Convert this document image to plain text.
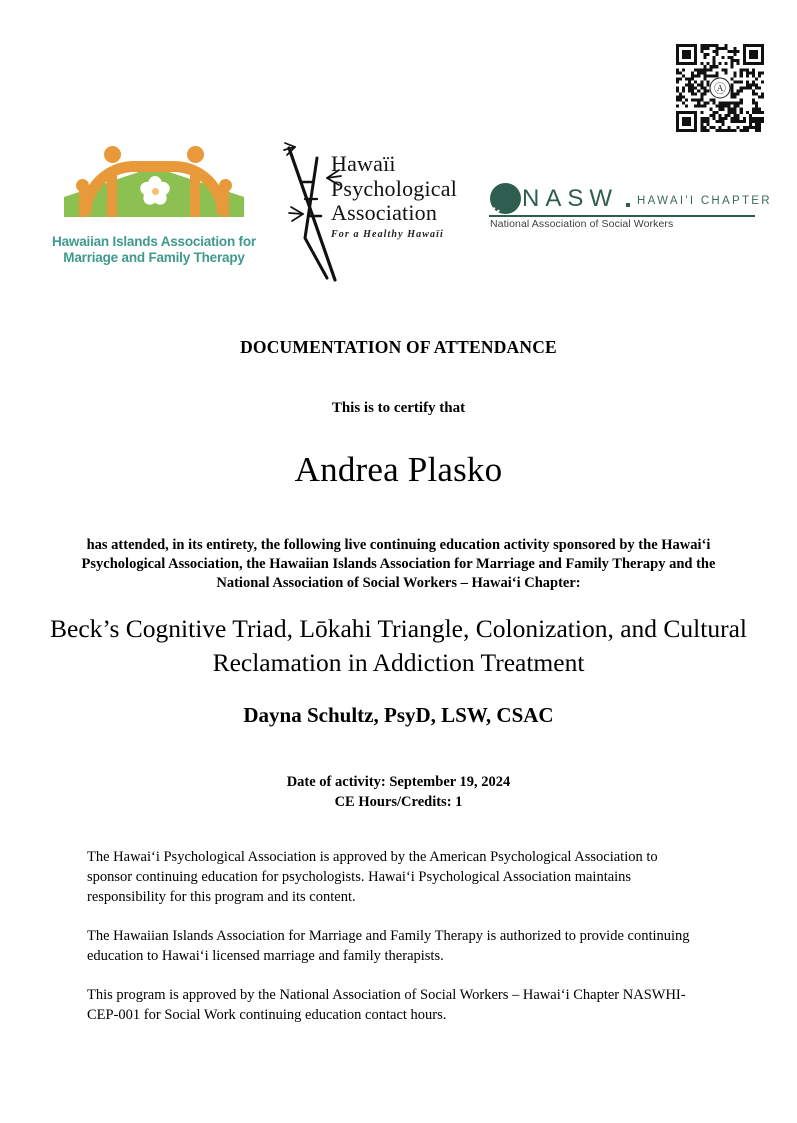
Ⓐ
Hawaiian Islands Association for
Marriage and Family Therapy
Hawaïi
Psychological
Association
For a Healthy Hawaïi
NASW HAWAI'I CHAPTER
National Association of Social Workers
DOCUMENTATION OF ATTENDANCE
This is to certify that
Andrea Plasko
has attended, in its entirety, the following live continuing education activity sponsored by the Hawaiʻi Psychological Association, the Hawaiian Islands Association for Marriage and Family Therapy and the National Association of Social Workers – Hawaiʻi Chapter:
Beck’s Cognitive Triad, Lōkahi Triangle, Colonization, and Cultural Reclamation in Addiction Treatment
Dayna Schultz, PsyD, LSW, CSAC
Date of activity: September 19, 2024
CE Hours/Credits: 1

The Hawaiʻi Psychological Association is approved by the American Psychological Association to sponsor continuing education for psychologists. Hawaiʻi Psychological Association maintains responsibility for this program and its content.

The Hawaiian Islands Association for Marriage and Family Therapy is authorized to provide continuing education to Hawaiʻi licensed marriage and family therapists.

This program is approved by the National Association of Social Workers – Hawaiʻi Chapter NASWHI-CEP-001 for Social Work continuing education contact hours.
